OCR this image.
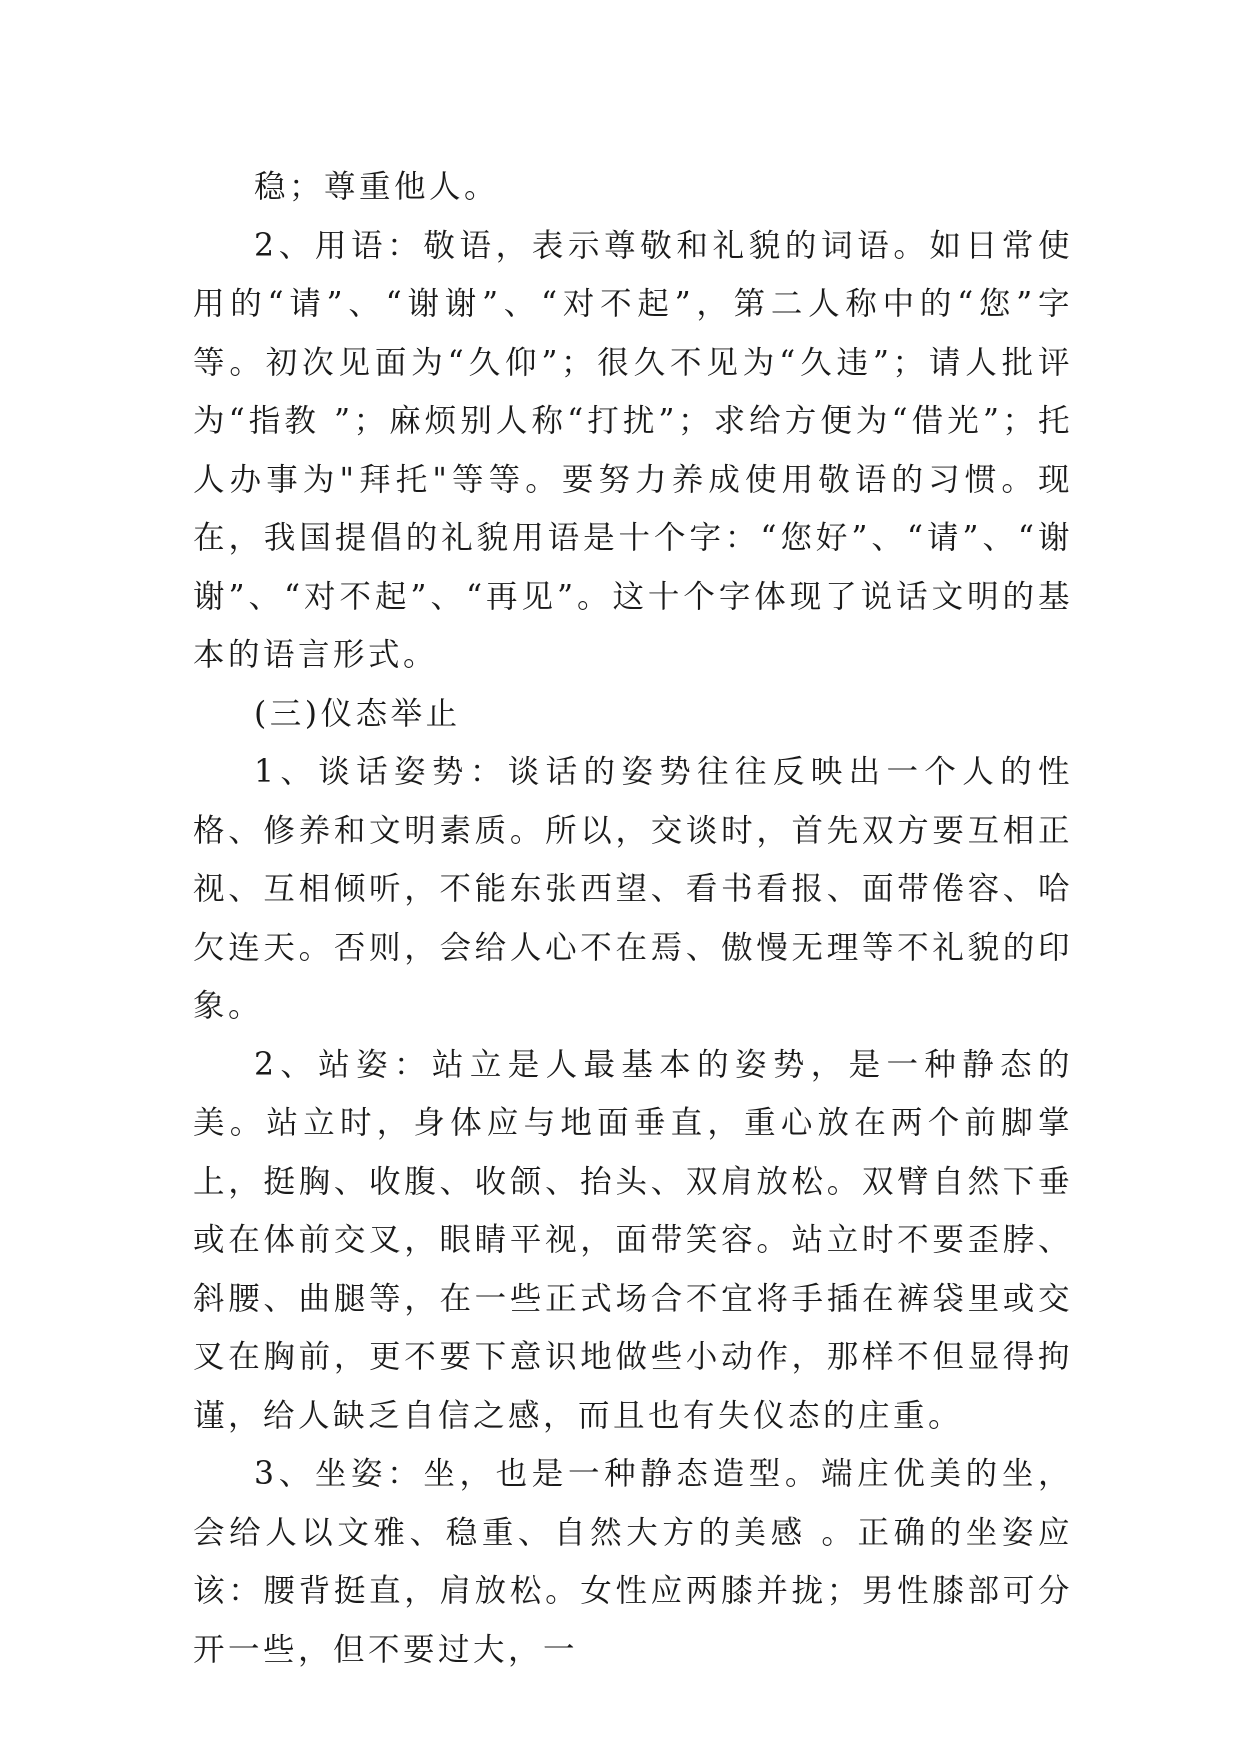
稳；尊重他人。

2、用语：敬语，表示尊敬和礼貌的词语。如日常使用的“请”、“谢谢”、“对不起”，第二人称中的“您”字等。初次见面为“久仰”；很久不见为“久违”；请人批评为“指教 ”；麻烦别人称“打扰”；求给方便为“借光”；托人办事为"拜托"等等。要努力养成使用敬语的习惯。现在，我国提倡的礼貌用语是十个字：“您好”、“请”、“谢谢”、“对不起”、“再见”。这十个字体现了说话文明的基本的语言形式。

(三)仪态举止

1、谈话姿势：谈话的姿势往往反映出一个人的性格、修养和文明素质。所以，交谈时，首先双方要互相正视、互相倾听，不能东张西望、看书看报、面带倦容、哈欠连天。否则，会给人心不在焉、傲慢无理等不礼貌的印象。

2、站姿：站立是人最基本的姿势，是一种静态的美。站立时，身体应与地面垂直，重心放在两个前脚掌上，挺胸、收腹、收颌、抬头、双肩放松。双臂自然下垂或在体前交叉，眼睛平视，面带笑容。站立时不要歪脖、斜腰、曲腿等，在一些正式场合不宜将手插在裤袋里或交叉在胸前，更不要下意识地做些小动作，那样不但显得拘谨，给人缺乏自信之感，而且也有失仪态的庄重。

3、坐姿：坐，也是一种静态造型。端庄优美的坐，会给人以文雅、稳重、自然大方的美感 。正确的坐姿应该：腰背挺直，肩放松。女性应两膝并拢；男性膝部可分开一些，但不要过大，一
